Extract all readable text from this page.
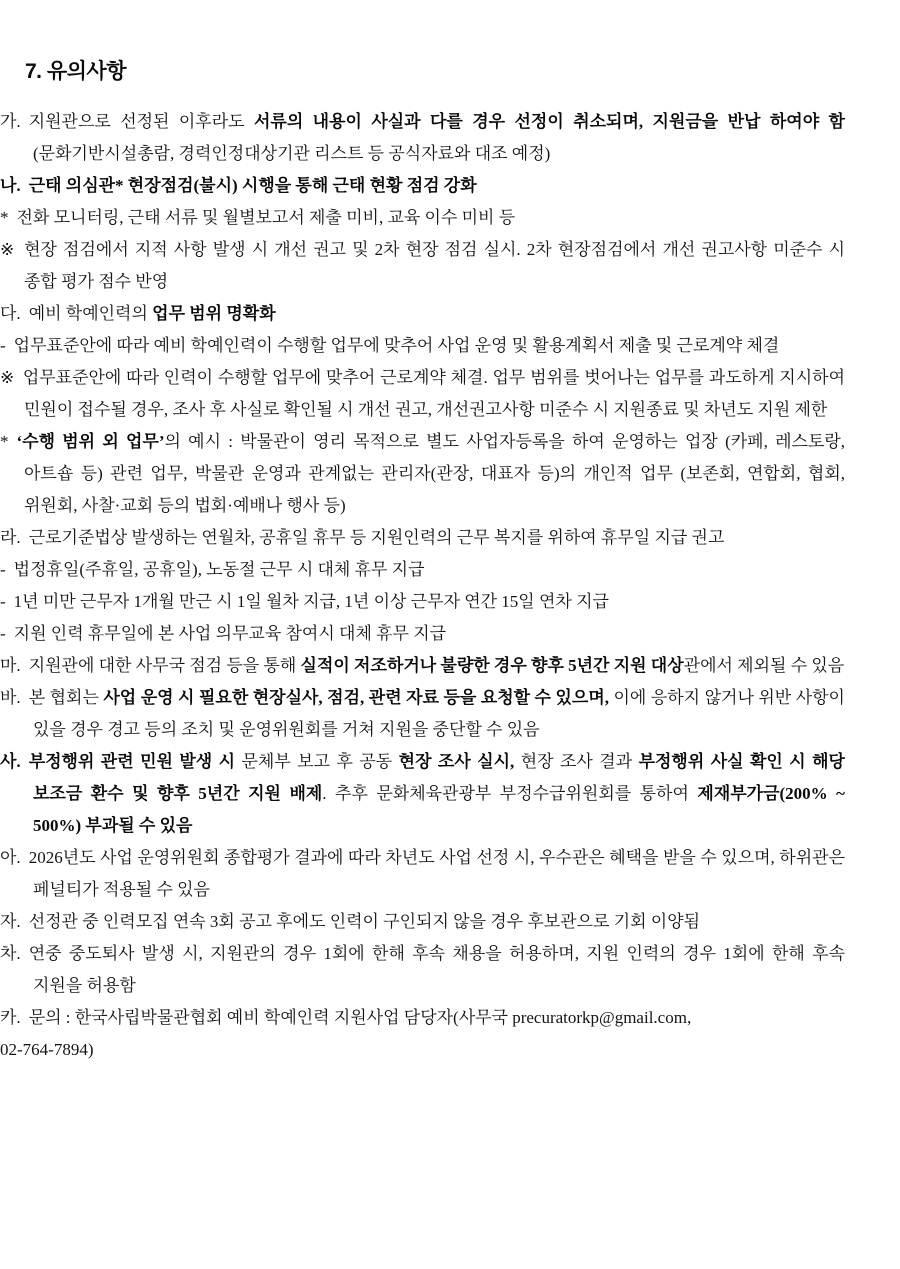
7. 유의사항

가. 지원관으로 선정된 이후라도 서류의 내용이 사실과 다를 경우 선정이 취소되며, 지원금을 반납 하여야 함(문화기반시설총람, 경력인정대상기관 리스트 등 공식자료와 대조 예정)

나. 근태 의심관* 현장점검(불시) 시행을 통해 근태 현황 점검 강화

* 전화 모니터링, 근태 서류 및 월별보고서 제출 미비, 교육 이수 미비 등

※ 현장 점검에서 지적 사항 발생 시 개선 권고 및 2차 현장 점검 실시. 2차 현장점검에서 개선 권고사항 미준수 시 종합 평가 점수 반영

다. 예비 학예인력의 업무 범위 명확화

- 업무표준안에 따라 예비 학예인력이 수행할 업무에 맞추어 사업 운영 및 활용계획서 제출 및 근로계약 체결

※ 업무표준안에 따라 인력이 수행할 업무에 맞추어 근로계약 체결. 업무 범위를 벗어나는 업무를 과도하게 지시하여 민원이 접수될 경우, 조사 후 사실로 확인될 시 개선 권고, 개선권고사항 미준수 시 지원종료 및 차년도 지원 제한

* ‘수행 범위 외 업무’의 예시 : 박물관이 영리 목적으로 별도 사업자등록을 하여 운영하는 업장 (카페, 레스토랑, 아트숍 등) 관련 업무, 박물관 운영과 관계없는 관리자(관장, 대표자 등)의 개인적 업무 (보존회, 연합회, 협회, 위원회, 사찰·교회 등의 법회·예배나 행사 등)

라. 근로기준법상 발생하는 연월차, 공휴일 휴무 등 지원인력의 근무 복지를 위하여 휴무일 지급 권고

- 법정휴일(주휴일, 공휴일), 노동절 근무 시 대체 휴무 지급

- 1년 미만 근무자 1개월 만근 시 1일 월차 지급, 1년 이상 근무자 연간 15일 연차 지급

- 지원 인력 휴무일에 본 사업 의무교육 참여시 대체 휴무 지급

마. 지원관에 대한 사무국 점검 등을 통해 실적이 저조하거나 불량한 경우 향후 5년간 지원 대상관에서 제외될 수 있음

바. 본 협회는 사업 운영 시 필요한 현장실사, 점검, 관련 자료 등을 요청할 수 있으며, 이에 응하지 않거나 위반 사항이 있을 경우 경고 등의 조치 및 운영위원회를 거쳐 지원을 중단할 수 있음

사. 부정행위 관련 민원 발생 시 문체부 보고 후 공동 현장 조사 실시, 현장 조사 결과 부정행위 사실 확인 시 해당 보조금 환수 및 향후 5년간 지원 배제. 추후 문화체육관광부 부정수급위원회를 통하여 제재부가금(200% ~ 500%) 부과될 수 있음

아. 2026년도 사업 운영위원회 종합평가 결과에 따라 차년도 사업 선정 시, 우수관은 혜택을 받을 수 있으며, 하위관은 페널티가 적용될 수 있음

자. 선정관 중 인력모집 연속 3회 공고 후에도 인력이 구인되지 않을 경우 후보관으로 기회 이양됨

차. 연중 중도퇴사 발생 시, 지원관의 경우 1회에 한해 후속 채용을 허용하며, 지원 인력의 경우 1회에 한해 후속 지원을 허용함

카. 문의 : 한국사립박물관협회 예비 학예인력 지원사업 담당자(사무국 precuratorkp@gmail.com,

02-764-7894)
